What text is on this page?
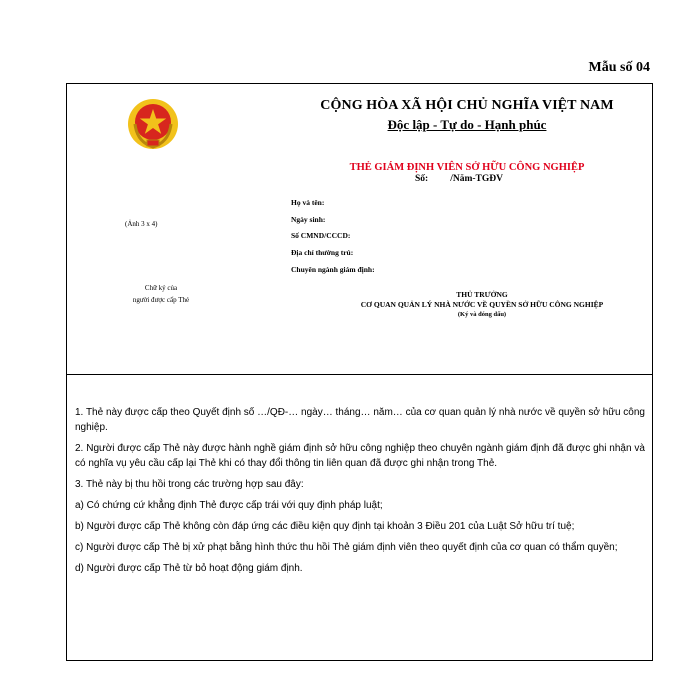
Mẫu số 04
(Ảnh 3 x 4)
Chữ ký của
người được cấp Thẻ
CỘNG HÒA XÃ HỘI CHỦ NGHĨA VIỆT NAM
Độc lập - Tự do - Hạnh phúc
THẺ GIÁM ĐỊNH VIÊN SỞ HỮU CÔNG NGHIỆP
Số: /Năm-TGĐV
Họ và tên:
Ngày sinh:
Số CMND/CCCD:
Địa chỉ thường trú:
Chuyên ngành giám định:
THỦ TRƯỞNG
CƠ QUAN QUẢN LÝ NHÀ NƯỚC VỀ QUYỀN SỞ HỮU CÔNG NGHIỆP
(Ký và đóng dấu)

1. Thẻ này được cấp theo Quyết định số …/QĐ-… ngày… tháng… năm… của cơ quan quản lý nhà nước về quyền sở hữu công nghiệp.

2. Người được cấp Thẻ này được hành nghề giám định sở hữu công nghiệp theo chuyên ngành giám định đã được ghi nhận và có nghĩa vụ yêu cầu cấp lại Thẻ khi có thay đổi thông tin liên quan đã được ghi nhận trong Thẻ.

3. Thẻ này bị thu hồi trong các trường hợp sau đây:

a) Có chứng cứ khẳng định Thẻ được cấp trái với quy định pháp luật;

b) Người được cấp Thẻ không còn đáp ứng các điều kiện quy định tại khoản 3 Điều 201 của Luật Sở hữu trí tuệ;

c) Người được cấp Thẻ bị xử phạt bằng hình thức thu hồi Thẻ giám định viên theo quyết định của cơ quan có thẩm quyền;

d) Người được cấp Thẻ từ bỏ hoạt động giám định.
